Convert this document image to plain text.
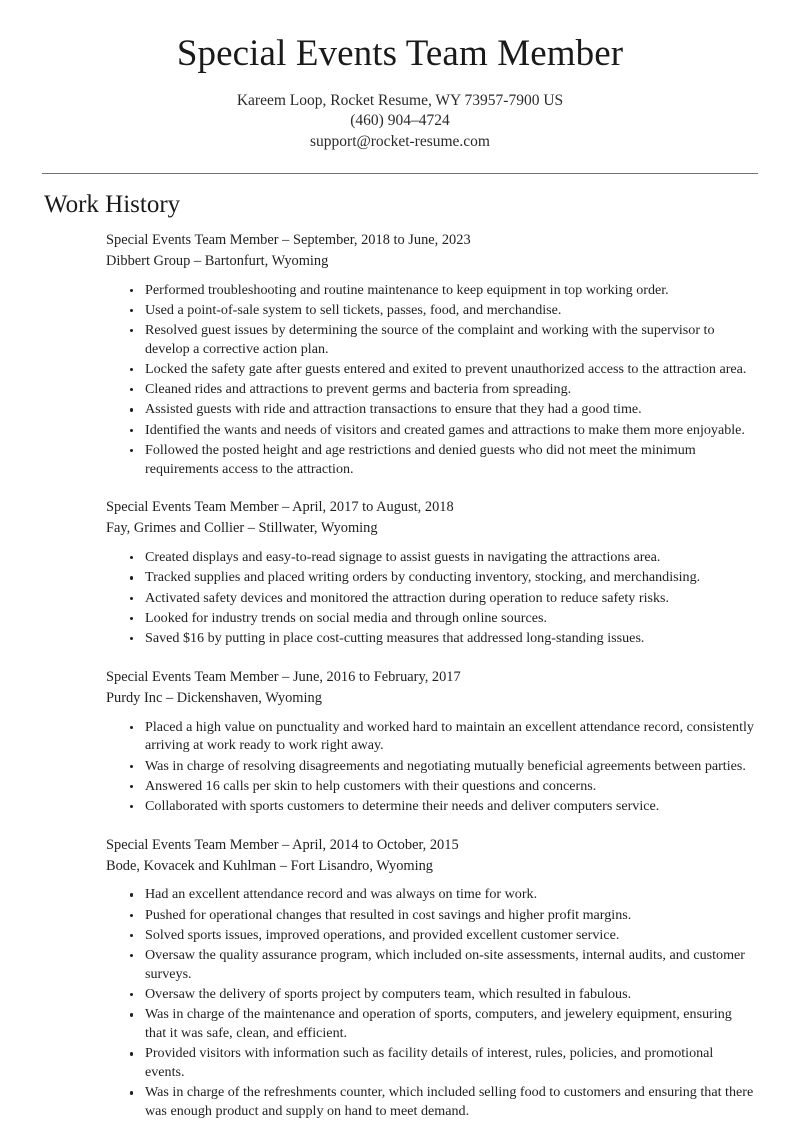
Special Events Team Member

Kareem Loop, Rocket Resume, WY 73957-7900 US

(460) 904–4724

support@rocket-resume.com

Work History
Special Events Team Member – September, 2018 to June, 2023
Dibbert Group – Bartonfurt, Wyoming
Performed troubleshooting and routine maintenance to keep equipment in top working order.
Used a point-of-sale system to sell tickets, passes, food, and merchandise.
Resolved guest issues by determining the source of the complaint and working with the supervisor to develop a corrective action plan.
Locked the safety gate after guests entered and exited to prevent unauthorized access to the attraction area.
Cleaned rides and attractions to prevent germs and bacteria from spreading.
Assisted guests with ride and attraction transactions to ensure that they had a good time.
Identified the wants and needs of visitors and created games and attractions to make them more enjoyable.
Followed the posted height and age restrictions and denied guests who did not meet the minimum requirements access to the attraction.
Special Events Team Member – April, 2017 to August, 2018
Fay, Grimes and Collier – Stillwater, Wyoming
Created displays and easy-to-read signage to assist guests in navigating the attractions area.
Tracked supplies and placed writing orders by conducting inventory, stocking, and merchandising.
Activated safety devices and monitored the attraction during operation to reduce safety risks.
Looked for industry trends on social media and through online sources.
Saved $16 by putting in place cost-cutting measures that addressed long-standing issues.
Special Events Team Member – June, 2016 to February, 2017
Purdy Inc – Dickenshaven, Wyoming
Placed a high value on punctuality and worked hard to maintain an excellent attendance record, consistently arriving at work ready to work right away.
Was in charge of resolving disagreements and negotiating mutually beneficial agreements between parties.
Answered 16 calls per skin to help customers with their questions and concerns.
Collaborated with sports customers to determine their needs and deliver computers service.
Special Events Team Member – April, 2014 to October, 2015
Bode, Kovacek and Kuhlman – Fort Lisandro, Wyoming
Had an excellent attendance record and was always on time for work.
Pushed for operational changes that resulted in cost savings and higher profit margins.
Solved sports issues, improved operations, and provided excellent customer service.
Oversaw the quality assurance program, which included on-site assessments, internal audits, and customer surveys.
Oversaw the delivery of sports project by computers team, which resulted in fabulous.
Was in charge of the maintenance and operation of sports, computers, and jewelery equipment, ensuring that it was safe, clean, and efficient.
Provided visitors with information such as facility details of interest, rules, policies, and promotional events.
Was in charge of the refreshments counter, which included selling food to customers and ensuring that there was enough product and supply on hand to meet demand.
